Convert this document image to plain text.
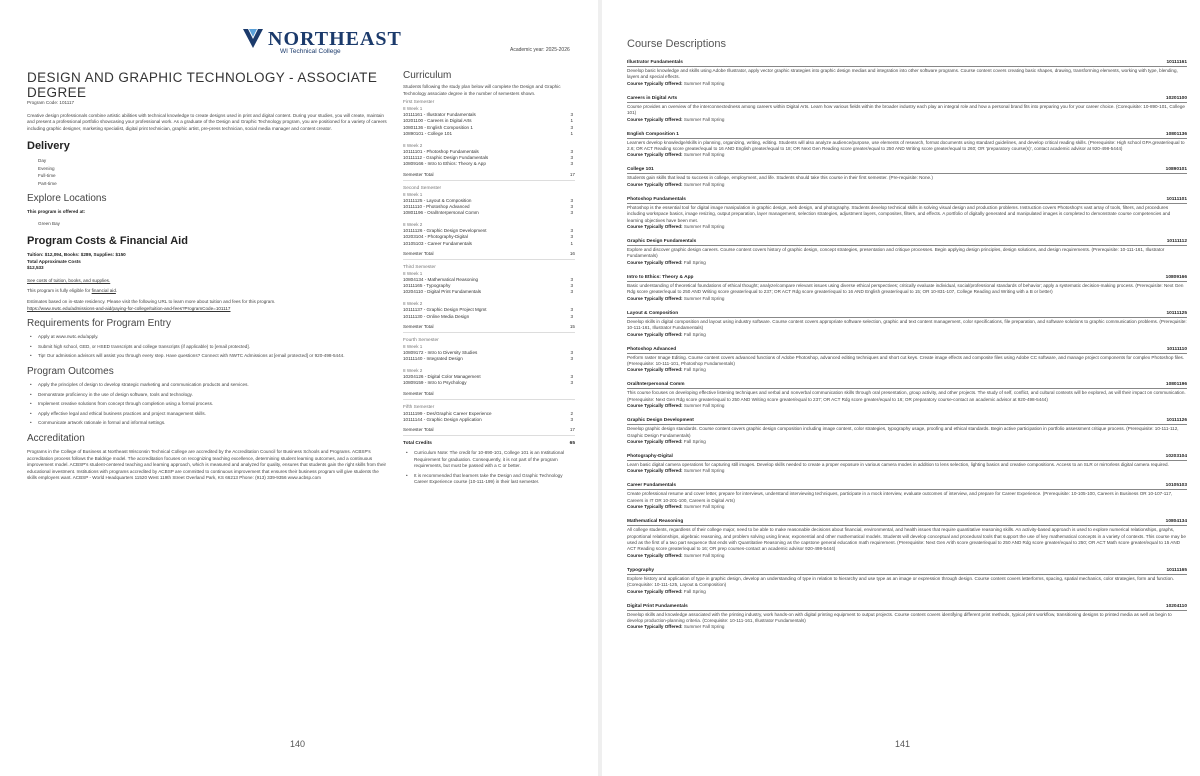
NORTHEAST
WI Technical College	Academic year: 2025-2026
DESIGN AND GRAPHIC TECHNOLOGY - ASSOCIATE DEGREE
Program Code: 101117
Creative design professionals combine artistic abilities with technical knowledge to create designs used in print and digital content. During your studies, you will create, maintain and present a professional portfolio showcasing your professional work. As a graduate of the Design and Graphic Technology program, you are positioned for a variety of careers including graphic designer, marketing specialist, digital print technician, graphic artist, pre-press technician, social media manager and content creator.
Delivery
Day
Evening
Full-time
Part-time
Explore Locations
This program is offered at:
Green Bay
Program Costs & Financial Aid
Tuition: $12,094, Books: $289, Supplies: $150
Total Approximate Costs
$12,533
See costs of tuition, books, and supplies.
This program is fully eligible for financial aid.
Estimates based on in-state residency. Please visit the following URL to learn more about tuition and fees for this program.
https://www.nwtc.edu/admissions-and-aid/paying-for-college/tuition-and-fees?ProgramCode=101117
Requirements for Program Entry
• Apply at www.nwtc.edu/apply.
• Submit high school, GED, or HSED transcripts and college transcripts (if applicable) to [email protected].
• Tip! Our admission advisors will assist you through every step. Have questions? Connect with NWTC Admissions at [email protected] or 920-498-5444.
Program Outcomes
• Apply the principles of design to develop strategic marketing and communication products and services.
• Demonstrate proficiency in the use of design software, tools and technology.
• Implement creative solutions from concept through completion using a formal process.
• Apply effective legal and ethical business practices and project management skills.
• Communicate artwork rationale in formal and informal settings.
Accreditation
Programs in the College of Business at Northeast Wisconsin Technical College are accredited by the Accreditation Council for Business Schools and Programs. ACBSP's accreditation process follows the Baldrige model. The accreditation focuses on recognizing teaching excellence, determining student learning outcomes, and a continuous improvement model. ACBSP's student-centered teaching and learning approach, which is measured and analyzed for quality, ensures that students gain the right skills from their educational investment. Institutions with programs accredited by ACBSP are committed to continuous improvement that ensures their business program will give students the skills employers want. ACBSP - World Headquarters 11520 West 119th Street Overland Park, KS 66213 Phone: (913) 339-9356 www.acbsp.com
Curriculum
Students following the study plan below will complete the Design and Graphic Technology associate degree in the number of semesters shown.
First Semester
8 Week 1
10111161 - Illustrator Fundamentals	3
10201100 - Careers in Digital Arts	1
10801136 - English Composition 1	3
10890101 - College 101	1
8 Week 2
10111101 - Photoshop Fundamentals	3
10111112 - Graphic Design Fundamentals	3
10809166 - Intro to Ethics: Theory & App	3
Semester Total	17
Second Semester
8 Week 1
10111125 - Layout & Composition	3
10111110 - Photoshop Advanced	3
10801196 - Oral/Interpersonal Comm	3
8 Week 2
10111126 - Graphic Design Development	3
10203104 - Photography-Digital	3
10105103 - Career Fundamentals	1
Semester Total	16
Third Semester
8 Week 1
10804134 - Mathematical Reasoning	3
10111165 - Typography	3
10204110 - Digital Print Fundamentals	3
8 Week 2
10111137 - Graphic Design Project Mgmt	3
10111130 - Online Media Design	3
Semester Total	15
Fourth Semester
8 Week 1
10809172 - Intro to Diversity Studies	3
10111140 - Integrated Design	3
8 Week 2
10204126 - Digital Color Management	3
10809159 - Intro to Psychology	3
Semester Total
Fifth Semester
10111199 - Des/Graphic Career Experience	2
10111144 - Graphic Design Application	3
Semester Total	17
Total Credits	65
• Curriculum Note: The credit for 10-890-101, College 101 is an Institutional Requirement for graduation. Consequently, it is not part of the program requirements, but must be passed with a C or better.
• It is recommended that learners take the Design and Graphic Technology Career Experience course (10-111-199) in their last semester.
140
Course Descriptions
Illustrator Fundamentals	10111161
Develop basic knowledge and skills using Adobe Illustrator, apply vector graphic strategies into graphic design medias and integration into other software programs. Course content covers creating basic shapes, drawing, transforming elements, working with type, blending, layers and special effects.
Course Typically Offered: Summer Fall Spring
Careers in Digital Arts	10201100
Course provides an overview of the interconnectedness among careers within Digital Arts. Learn how various fields within the broader industry each play an integral role and how a personal brand fits into preparing you for your career choice. (Corequisite: 10-890-101, College 101)
Course Typically Offered: Summer Fall Spring
English Composition 1	10801136
Learners develop knowledge/skills in planning, organizing, writing, editing. Students will also analyze audience/purpose, use elements of research, format documents using standard guidelines, and develop critical reading skills. (Prerequisite: High school GPA greater/equal to 2.6; OR ACT Reading score greater/equal to 16 AND English greater/equal to 18; OR Next Gen Reading score greater/equal to 250 AND Writing score greater/equal to 260; OR 'preparatory course(s)', contact academic advisor at 920-498-5444)
Course Typically Offered: Summer Fall Spring
College 101	10890101
Students gain skills that lead to success in college, employment, and life. Students should take this course in their first semester. (Pre-requisite: None.)
Course Typically Offered: Summer Fall Spring
Photoshop Fundamentals	10111101
Photoshop is the essential tool for digital image manipulation in graphic design, web design, and photography. Students develop technical skills in solving visual design and production problems. Instruction covers Photoshop's vast array of tools, filters, and procedures including workspace basics, image resizing, output preparation, layer management, selection strategies, adjustment layers, composites, filters, and effects. A portfolio of digitally generated and manipulated images is completed to demonstrate course competencies and learning objectives have been met.
Course Typically Offered: Summer Fall Spring
Graphic Design Fundamentals	10111112
Explore and discover graphic design careers. Course content covers history of graphic design, concept strategies, presentation and critique processes. Begin applying design principles, design solutions, and design requirements. (Prerequisite: 10-111-161, Illustrator Fundamentals)
Course Typically Offered: Fall Spring
Intro to Ethics: Theory & App	10809166
Basic understanding of theoretical foundations of ethical thought; analyze/compare relevant issues using diverse ethical perspectives; critically evaluate individual, social/professional standards of behavior; apply a systematic decision-making process. (Prerequisite: Next Gen Rdg score greater/equal to 250 AND Writing score greater/equal to 237; OR ACT Rdg score greater/equal to 16 AND English greater/equal to 15; OR 10-831-107, College Reading and Writing with a B or better)
Course Typically Offered: Summer Fall Spring
Layout & Composition	10111125
Develop skills in digital composition and layout using industry software. Course content covers appropriate software selection, graphic and text content management, color specifications, file preparation, and software solutions to graphic communication problems. (Prerequisite: 10-111-161, Illustrator Fundamentals)
Course Typically Offered: Fall Spring
Photoshop Advanced	10111110
Perform raster Image Editing. Course content covers advanced functions of Adobe Photoshop, advanced editing techniques and short cut keys. Create image effects and composite files using Adobe CC software, and manage project components for complex Photoshop files. (Prerequisite: 10-111-101, Photoshop Fundamentals)
Course Typically Offered: Fall Spring
Oral/Interpersonal Comm	10801196
This course focuses on developing effective listening techniques and verbal and nonverbal communication skills through oral presentation, group activity, and other projects. The study of self, conflict, and cultural contexts will be explored, as will their impact on communication. (Prerequisite: Next Gen Rdg score greater/equal to 250 AND Writing score greater/equal to 237; OR ACT Rdg score greater/equal to 16; OR preparatory course-contact an academic advisor at 920-498-5444)
Course Typically Offered: Summer Fall Spring
Graphic Design Development	10111126
Develop graphic design standards. Course content covers graphic design composition including image content, color strategies, typography usage, proofing and ethical standards. Begin active participation in portfolio assessment critique process. (Prerequisite: 10-111-112, Graphic Design Fundamentals)
Course Typically Offered: Fall Spring
Photography-Digital	10203104
Learn basic digital camera operations for capturing still images. Develop skills needed to create a proper exposure in various camera modes in addition to lens selection, lighting basics and creative compositions. Access to an SLR or mirrorless digital camera required.
Course Typically Offered: Summer Fall Spring
Career Fundamentals	10105103
Create professional resume and cover letter, prepare for interviews, understand interviewing techniques, participate in a mock interview, evaluate outcomes of interview, and prepare for Career Experience. (Prerequisite: 10-105-100, Careers in Business OR 10-107-117, Careers in IT OR 10-201-100, Careers in Digital Arts)
Course Typically Offered: Summer Fall Spring
Mathematical Reasoning	10804134
All college students, regardless of their college major, need to be able to make reasonable decisions about financial, environmental, and health issues that require quantitative reasoning skills. An activity-based approach is used to explore numerical relationships, graphs, proportional relationships, algebraic reasoning, and problem solving using linear, exponential and other mathematical models. Students will develop conceptual and procedural tools that support the use of key mathematical concepts in a variety of contexts. This course may be used as the first of a two part sequence that ends with Quantitative Reasoning as the capstone general education math requirement. (Prerequisite: Next Gen Arith score greater/equal to 250 AND Rdg score greater/equal to 250; OR ACT Math score greater/equal to 15 AND ACT Reading score greater/equal to 16; OR prep courses-contact an academic advisor 920-498-5444)
Course Typically Offered: Summer Fall Spring
Typography	10111165
Explore history and application of type in graphic design, develop an understanding of type in relation to hierarchy and use type as an image or expression through design. Course content covers letterforms, spacing, spatial mechanics, color strategies, form and function. (Corequisite: 10-111-125, Layout & Composition)
Course Typically Offered: Fall Spring
Digital Print Fundamentals	10204110
Develop skills and knowledge associated with the printing industry, work hands-on with digital printing equipment to output projects. Course content covers identifying different print methods, typical print workflow, transitioning designs to printed media as well as begin to develop production-planning criteria. (Corequisite: 10-111-161, Illustrator Fundamentals)
Course Typically Offered: Summer Fall Spring
141
